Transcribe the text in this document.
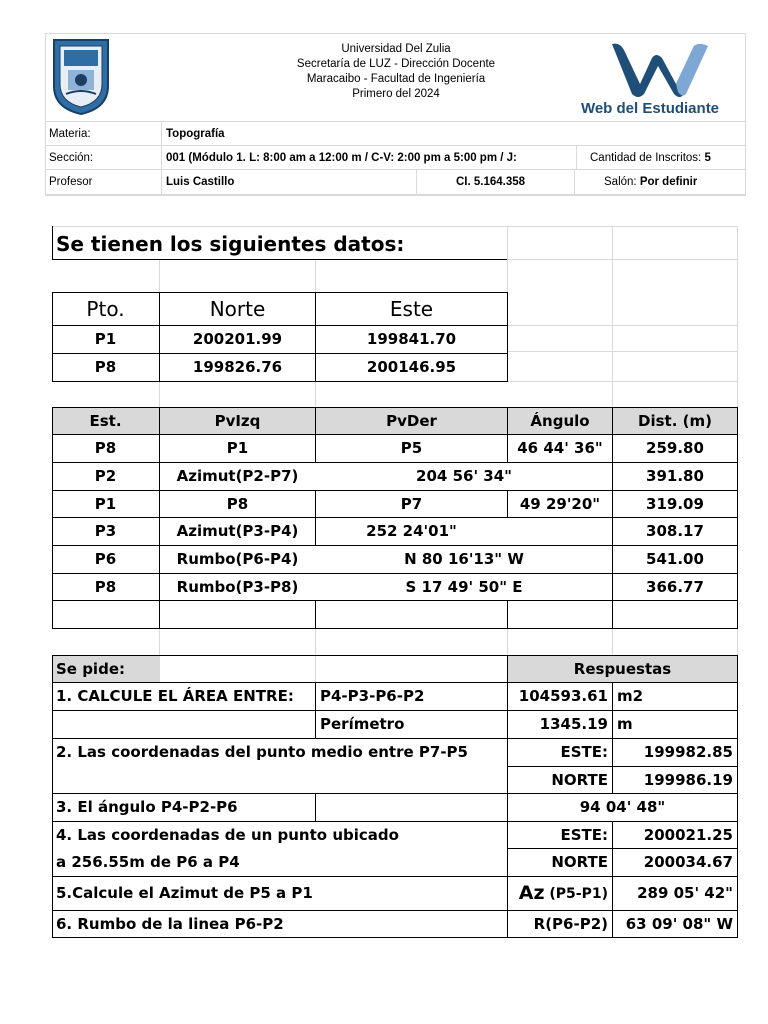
Universidad Del Zulia
Secretaría de LUZ - Dirección Docente
Maracaibo - Facultad de Ingeniería
Primero del 2024
Web del Estudiante
Materia:	Topografía
Sección:	001 (Módulo 1. L: 8:00 am a 12:00 m / C-V: 2:00 pm a 5:00 pm / J:	Cantidad de Inscritos: 5
Profesor	Luis Castillo	CI. 5.164.358	Salón: Por definir
Se tienen los siguientes datos:
Pto.	Norte	Este
P1	200201.99	199841.70
P8	199826.76	200146.95
Est.	PvIzq	PvDer	Ángulo	Dist. (m)
P8	P1	P5	46 44' 36"	259.80
P2	Azimut(P2-P7)	204 56' 34"	391.80
P1	P8	P7	49 29'20"	319.09
P3	Azimut(P3-P4)	252 24'01"	308.17
P6	Rumbo(P6-P4)	N 80 16'13" W	541.00
P8	Rumbo(P3-P8)	S 17 49' 50" E	366.77
Se pide:	Respuestas
1. CALCULE EL ÁREA ENTRE:	P4-P3-P6-P2	104593.61 m2
Perímetro	1345.19 m
2. Las coordenadas del punto medio entre P7-P5	ESTE:	199982.85
NORTE	199986.19
3. El ángulo P4-P2-P6	94 04' 48"
4. Las coordenadas de un punto ubicado
a 256.55m de P6 a P4
ESTE:	200021.25
NORTE	200034.67
5.Calcule el Azimut de P5 a P1	Az (P5-P1)	289 05' 42"
6. Rumbo de la linea P6-P2	R(P6-P2)	63 09' 08" W
